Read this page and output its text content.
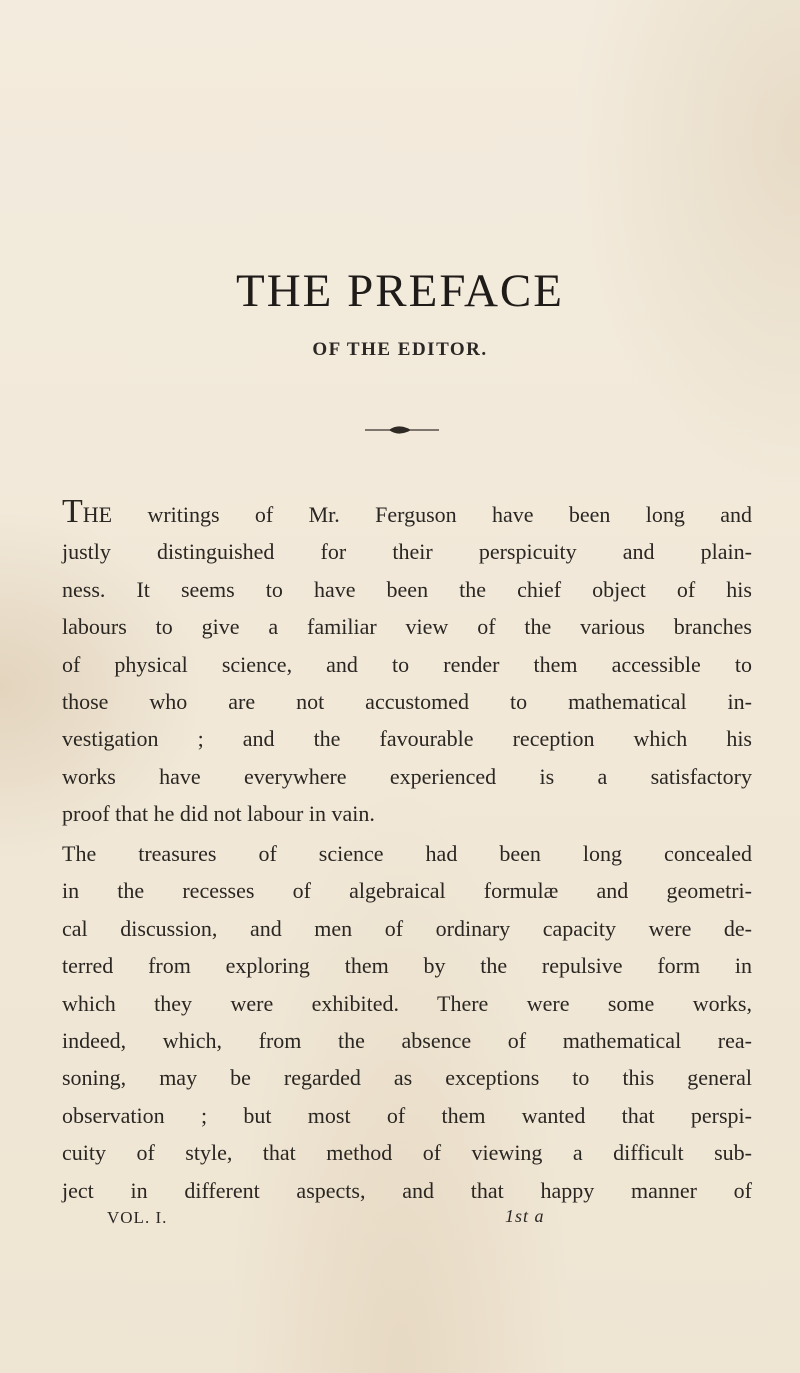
THE PREFACE
OF THE EDITOR.
THE writings of Mr. Ferguson have been long and
justly distinguished for their perspicuity and plain-
ness. It seems to have been the chief object of his
labours to give a familiar view of the various branches
of physical science, and to render them accessible to
those who are not accustomed to mathematical in-
vestigation ; and the favourable reception which his
works have everywhere experienced is a satisfactory
proof that he did not labour in vain.
The treasures of science had been long concealed
in the recesses of algebraical formulæ and geometri-
cal discussion, and men of ordinary capacity were de-
terred from exploring them by the repulsive form in
which they were exhibited. There were some works,
indeed, which, from the absence of mathematical rea-
soning, may be regarded as exceptions to this general
observation ; but most of them wanted that perspi-
cuity of style, that method of viewing a difficult sub-
ject in different aspects, and that happy manner of
VOL. I.	1st a
